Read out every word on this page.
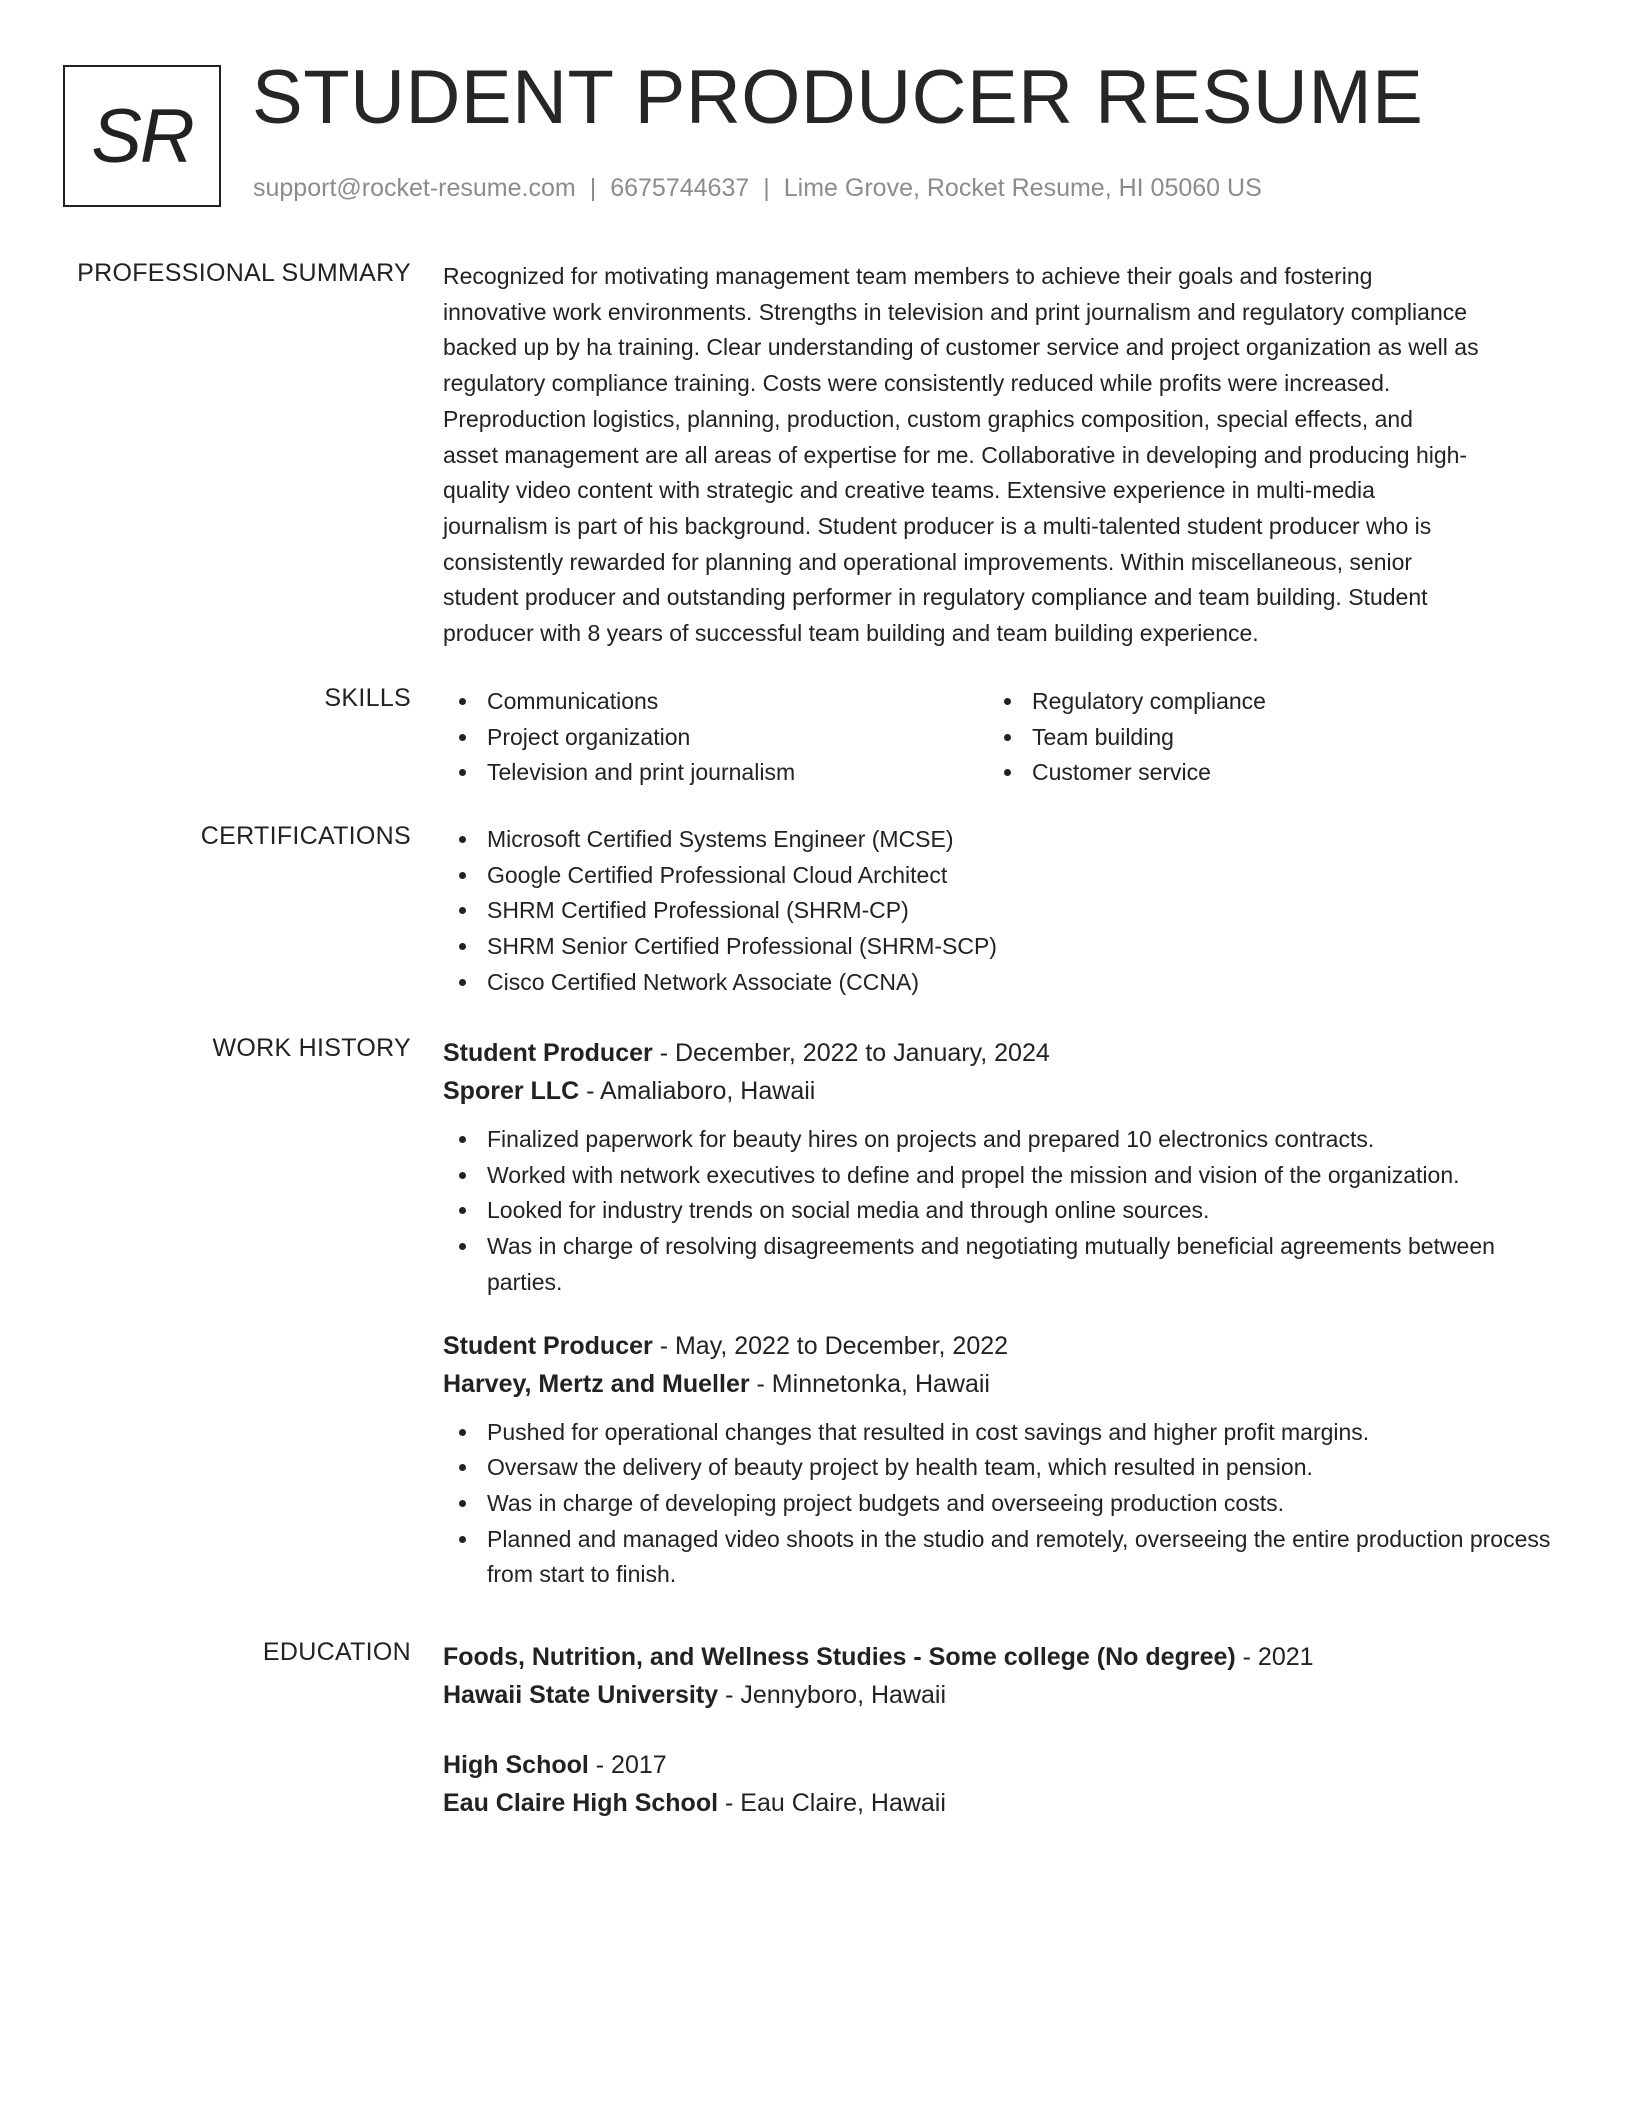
SR STUDENT PRODUCER RESUME
support@rocket-resume.com | 6675744637 | Lime Grove, Rocket Resume, HI 05060 US
PROFESSIONAL SUMMARY Recognized for motivating management team members to achieve their goals and fostering

innovative work environments. Strengths in television and print journalism and regulatory compliance

backed up by ha training. Clear understanding of customer service and project organization as well as

regulatory compliance training. Costs were consistently reduced while profits were increased.

Preproduction logistics, planning, production, custom graphics composition, special effects, and

asset management are all areas of expertise for me. Collaborative in developing and producing high-

quality video content with strategic and creative teams. Extensive experience in multi-media

journalism is part of his background. Student producer is a multi-talented student producer who is

consistently rewarded for planning and operational improvements. Within miscellaneous, senior

student producer and outstanding performer in regulatory compliance and team building. Student

producer with 8 years of successful team building and team building experience.

SKILLS	Communications
Project organization
Television and print journalism
Regulatory compliance
Team building
Customer service
CERTIFICATIONS	Microsoft Certified Systems Engineer (MCSE)
Google Certified Professional Cloud Architect
SHRM Certified Professional (SHRM-CP)
SHRM Senior Certified Professional (SHRM-SCP)
Cisco Certified Network Associate (CCNA)
WORK HISTORY Student Producer - December, 2022 to January, 2024
Sporer LLC - Amaliaboro, Hawaii
Finalized paperwork for beauty hires on projects and prepared 10 electronics contracts.
Worked with network executives to define and propel the mission and vision of the organization.
Looked for industry trends on social media and through online sources.
Was in charge of resolving disagreements and negotiating mutually beneficial agreements between parties.
Student Producer - May, 2022 to December, 2022
Harvey, Mertz and Mueller - Minnetonka, Hawaii
Pushed for operational changes that resulted in cost savings and higher profit margins.
Oversaw the delivery of beauty project by health team, which resulted in pension.
Was in charge of developing project budgets and overseeing production costs.
Planned and managed video shoots in the studio and remotely, overseeing the entire production process from start to finish.
EDUCATION Foods, Nutrition, and Wellness Studies - Some college (No degree) - 2021
Hawaii State University - Jennyboro, Hawaii
High School - 2017
Eau Claire High School - Eau Claire, Hawaii
